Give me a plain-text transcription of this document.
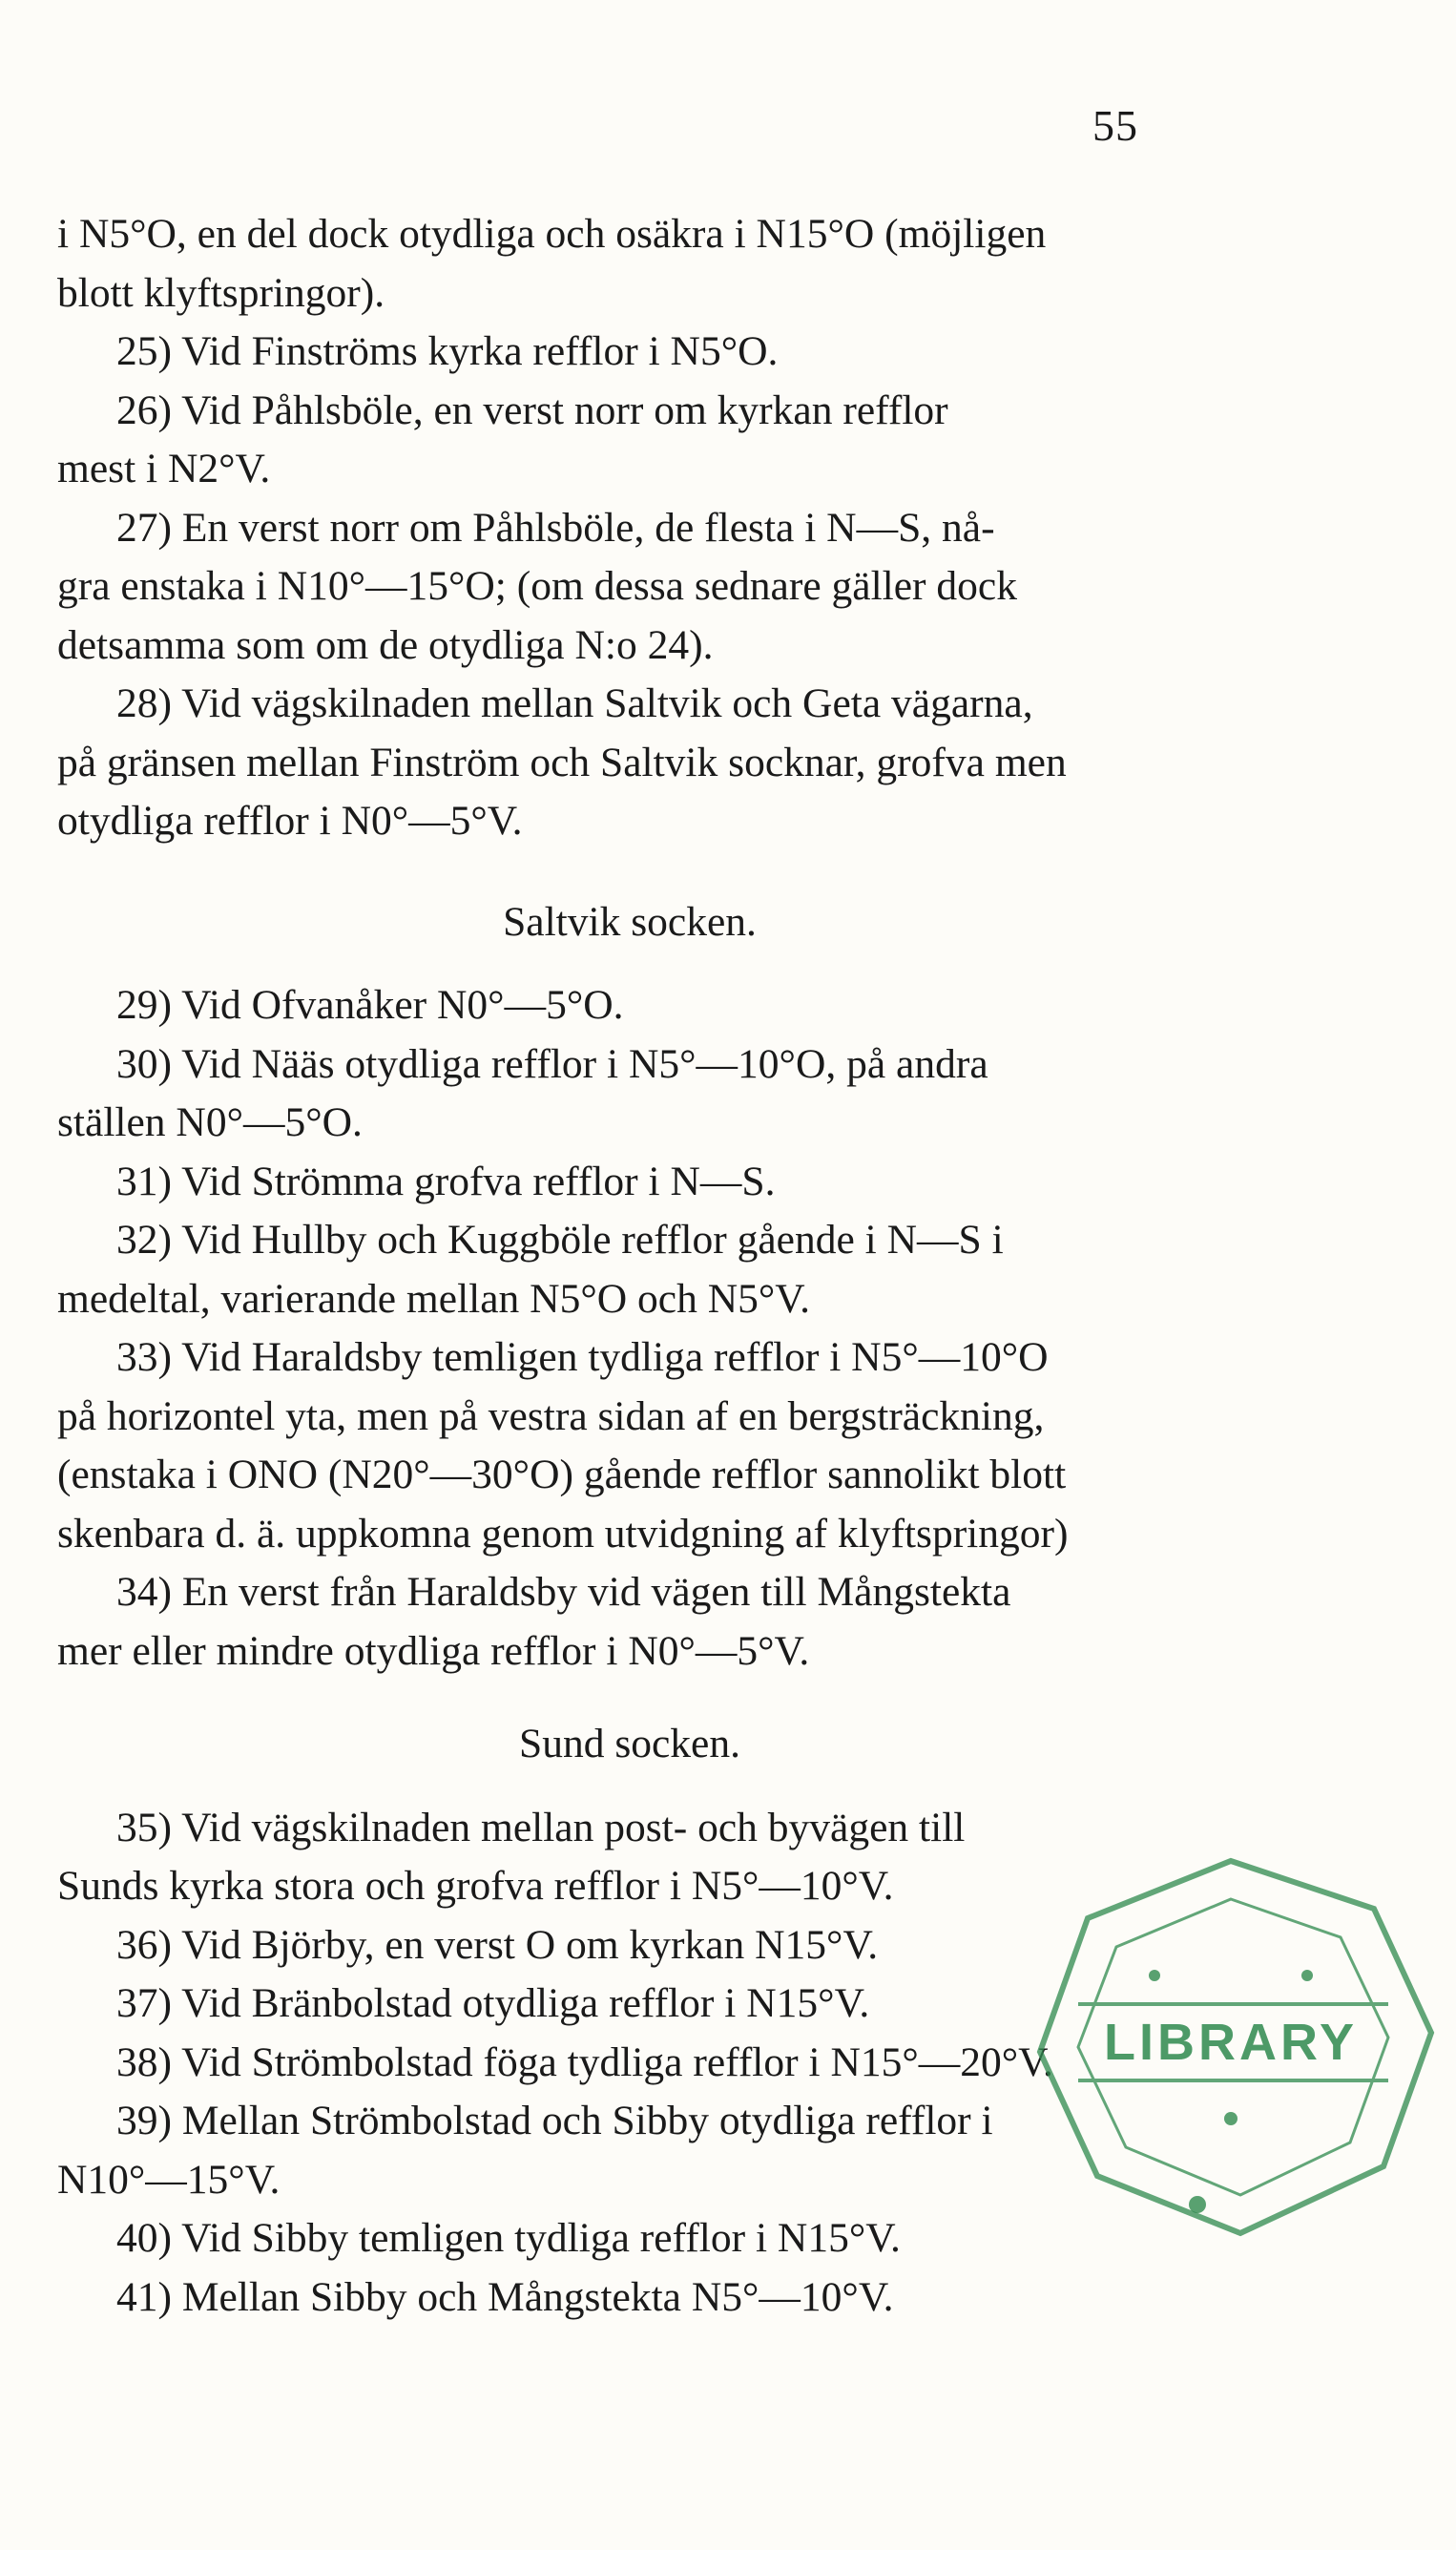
55

i N5°O, en del dock otydliga och osäkra i N15°O (möjligen

blott klyftspringor).

25) Vid Finströms kyrka refflor i N5°O.

26) Vid Påhlsböle, en verst norr om kyrkan refflor

mest i N2°V.

27) En verst norr om Påhlsböle, de flesta i N—S, nå-

gra enstaka i N10°—15°O; (om dessa sednare gäller dock

detsamma som om de otydliga N:o 24).

28) Vid vägskilnaden mellan Saltvik och Geta vägarna,

på gränsen mellan Finström och Saltvik socknar, grofva men

otydliga refflor i N0°—5°V.

Saltvik socken.

29) Vid Ofvanåker N0°—5°O.

30) Vid Nääs otydliga refflor i N5°—10°O, på andra

ställen N0°—5°O.

31) Vid Strömma grofva refflor i N—S.

32) Vid Hullby och Kuggböle refflor gående i N—S i

medeltal, varierande mellan N5°O och N5°V.

33) Vid Haraldsby temligen tydliga refflor i N5°—10°O

på horizontel yta, men på vestra sidan af en bergsträckning,

(enstaka i ONO (N20°—30°O) gående refflor sannolikt blott

skenbara d. ä. uppkomna genom utvidgning af klyftspringor)

34) En verst från Haraldsby vid vägen till Mångstekta

mer eller mindre otydliga refflor i N0°—5°V.

Sund socken.

35) Vid vägskilnaden mellan post- och byvägen till

Sunds kyrka stora och grofva refflor i N5°—10°V.

36) Vid Björby, en verst O om kyrkan N15°V.

37) Vid Bränbolstad otydliga refflor i N15°V.

38) Vid Strömbolstad föga tydliga refflor i N15°—20°V.

39) Mellan Strömbolstad och Sibby otydliga refflor i

N10°—15°V.

40) Vid Sibby temligen tydliga refflor i N15°V.

41) Mellan Sibby och Mångstekta N5°—10°V.

LIBRARY
